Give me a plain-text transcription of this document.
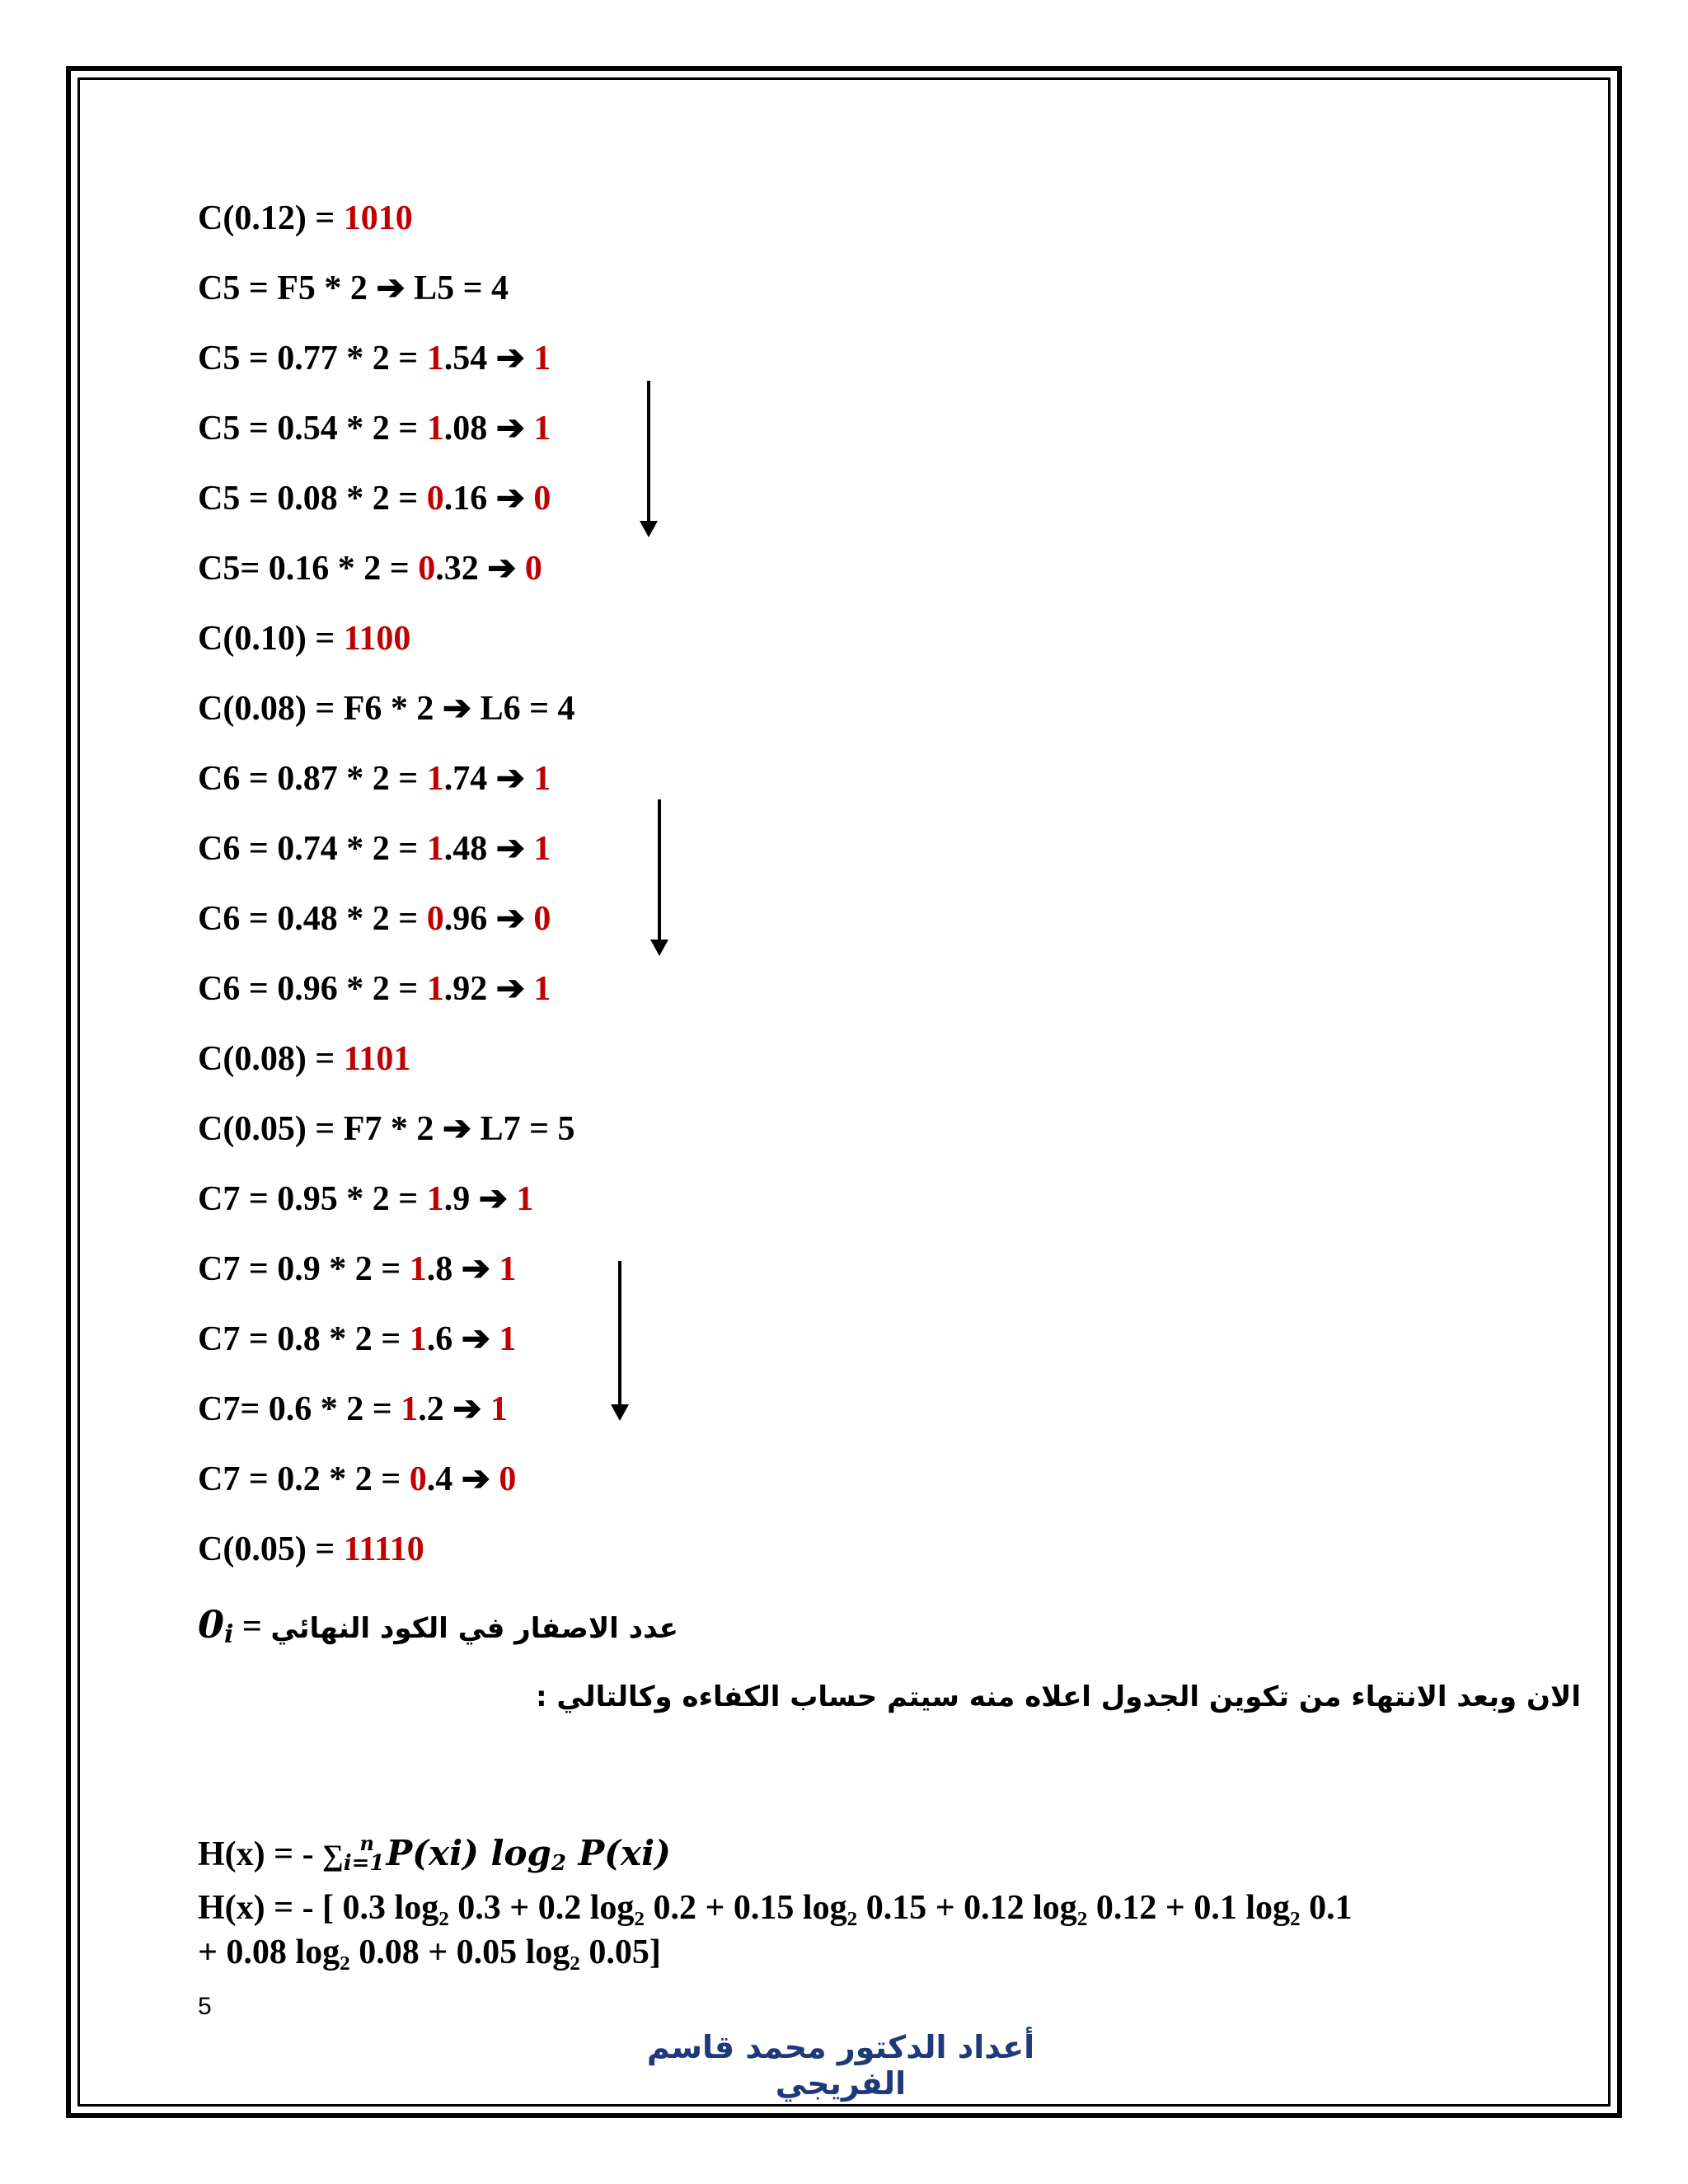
C(0.12) = 1010
C5 = F5 * 2 ➔ L5 = 4
C5 = 0.77 * 2 = 1.54 ➔ 1
C5 = 0.54 * 2 = 1.08 ➔ 1
C5 = 0.08 * 2 = 0.16 ➔ 0
C5= 0.16 * 2 = 0.32 ➔ 0
C(0.10) = 1100
C(0.08) = F6 * 2 ➔ L6 = 4
C6 = 0.87 * 2 = 1.74 ➔ 1
C6 = 0.74 * 2 = 1.48 ➔ 1
C6 = 0.48 * 2 = 0.96 ➔ 0
C6 = 0.96 * 2 = 1.92 ➔ 1
C(0.08) = 1101
C(0.05) = F7 * 2 ➔ L7 = 5
C7 = 0.95 * 2 = 1.9 ➔ 1
C7 = 0.9 * 2 = 1.8 ➔ 1
C7 = 0.8 * 2 = 1.6 ➔ 1
C7= 0.6 * 2 = 1.2 ➔ 1
C7 = 0.2 * 2 = 0.4 ➔ 0
C(0.05) = 11110
$0_i$ = عدد الاصفار في الكود النهائي
الان وبعد الانتهاء من تكوين الجدول اعلاه منه سيتم حساب الكفاءه وكالتالي :
H(x) = - $\sum_{i=1}^n$ P(xi) $\log_2 P(xi)$
H(x) = - [ 0.3 log₂ 0.3 + 0.2 log₂ 0.2 + 0.15 log₂ 0.15 + 0.12 log₂ 0.12 + 0.1 log₂ 0.1
+ 0.08 log₂ 0.08 + 0.05 log₂ 0.05]
5
أعداد الدكتور محمد قاسم الفريجي
